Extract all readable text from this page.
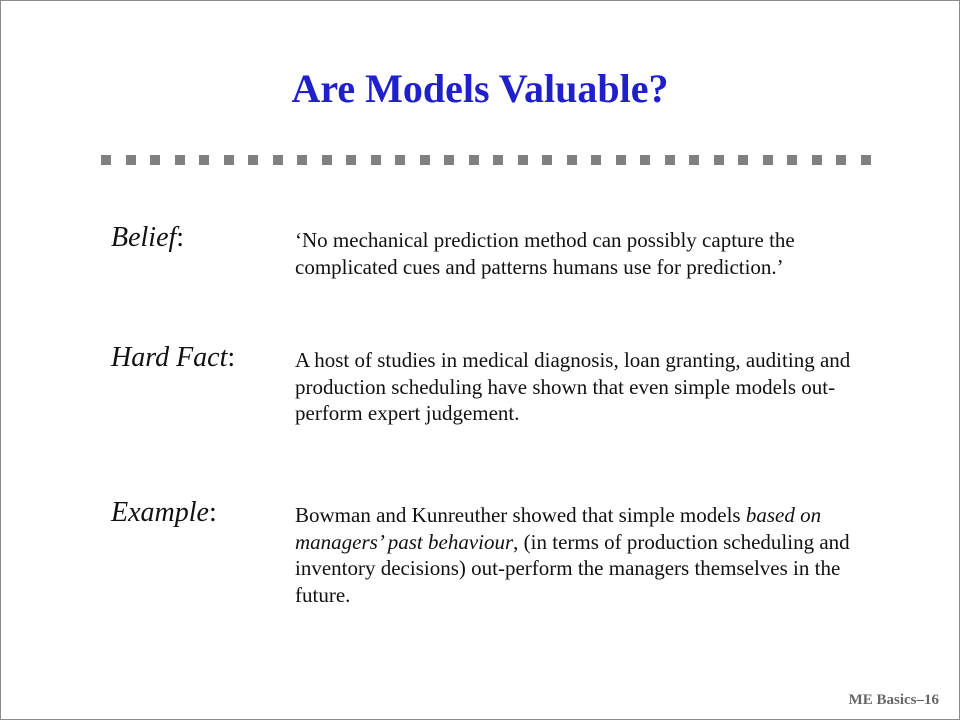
Are Models Valuable?
Belief:	‘No mechanical prediction method can possibly capture the complicated cues and patterns humans use for prediction.’

Hard Fact:	A host of studies in medical diagnosis, loan granting, auditing and production scheduling have shown that even simple models out-perform expert judgement.

Example:	Bowman and Kunreuther showed that simple models based on managers’ past behaviour, (in terms of production scheduling and inventory decisions) out-perform the managers themselves in the future.

ME Basics–16
